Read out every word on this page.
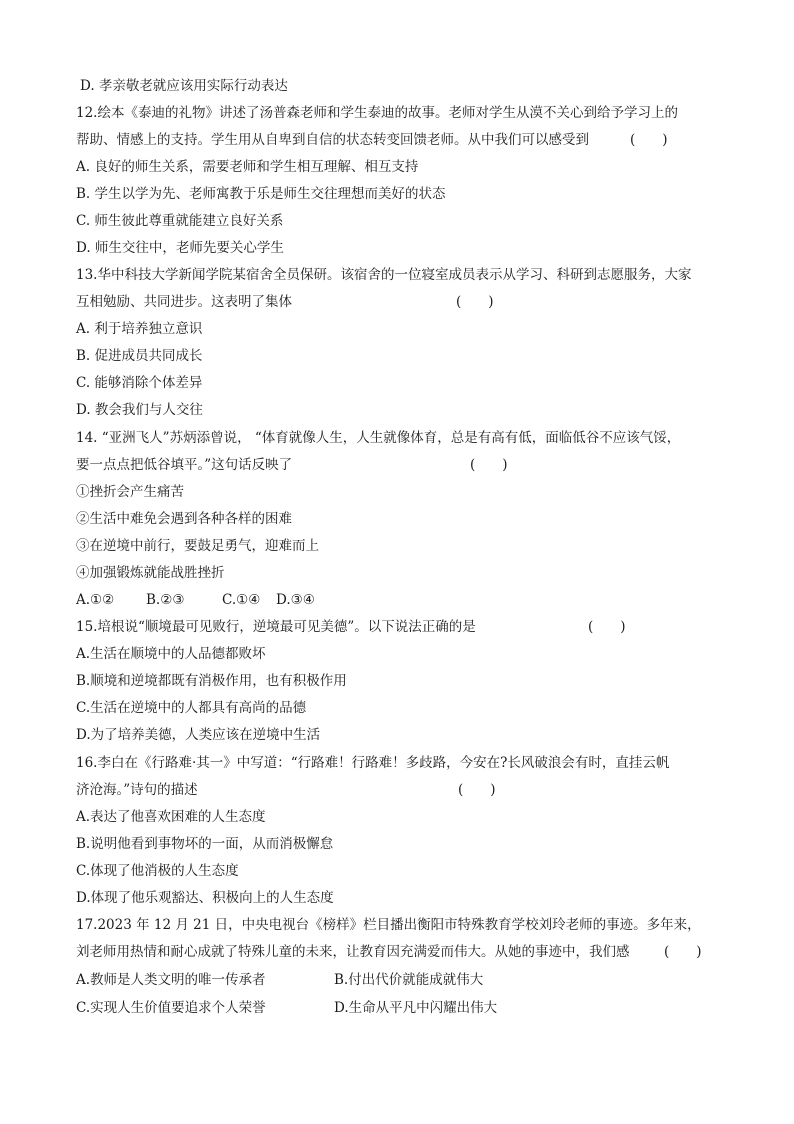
D. 孝亲敬老就应该用实际行动表达
12.绘本《泰迪的礼物》讲述了汤普森老师和学生泰迪的故事。老师对学生从漠不关心到给予学习上的
帮助、情感上的支持。学生用从自卑到自信的状态转变回馈老师。从中我们可以感受到	(　　)
A. 良好的师生关系，需要老师和学生相互理解、相互支持
B. 学生以学为先、老师寓教于乐是师生交往理想而美好的状态
C. 师生彼此尊重就能建立良好关系
D. 师生交往中，老师先要关心学生
13.华中科技大学新闻学院某宿舍全员保研。该宿舍的一位寝室成员表示从学习、科研到志愿服务，大家
互相勉励、共同进步。这表明了集体	(　　)
A. 利于培养独立意识
B. 促进成员共同成长
C. 能够消除个体差异
D. 教会我们与人交往
14. “亚洲飞人”苏炳添曾说， “体育就像人生，人生就像体育，总是有高有低，面临低谷不应该气馁，
要一点点把低谷填平。”这句话反映了	(　　)
①挫折会产生痛苦
②生活中难免会遇到各种各样的困难
③在逆境中前行，要鼓足勇气，迎难而上
④加强锻炼就能战胜挫折
A.①② B.②③	C.①④ D.③④
15.培根说“顺境最可见败行，逆境最可见美德”。以下说法正确的是	(　　)
A.生活在顺境中的人品德都败坏
B.顺境和逆境都既有消极作用，也有积极作用
C.生活在逆境中的人都具有高尚的品德
D.为了培养美德，人类应该在逆境中生活
16.李白在《行路难·其一》中写道：“行路难！行路难！多歧路，今安在?长风破浪会有时，直挂云帆
济沧海。”诗句的描述	(　　)
A.表达了他喜欢困难的人生态度
B.说明他看到事物坏的一面，从而消极懈怠
C.体现了他消极的人生态度
D.体现了他乐观豁达、积极向上的人生态度
17.2023 年 12 月 21 日，中央电视台《榜样》栏目播出衡阳市特殊教育学校刘玲老师的事迹。多年来，
刘老师用热情和耐心成就了特殊儿童的未来，让教育因充满爱而伟大。从她的事迹中，我们感	(　　)
A.教师是人类文明的唯一传承者	B.付出代价就能成就伟大
C.实现人生价值要追求个人荣誉	D.生命从平凡中闪耀出伟大
